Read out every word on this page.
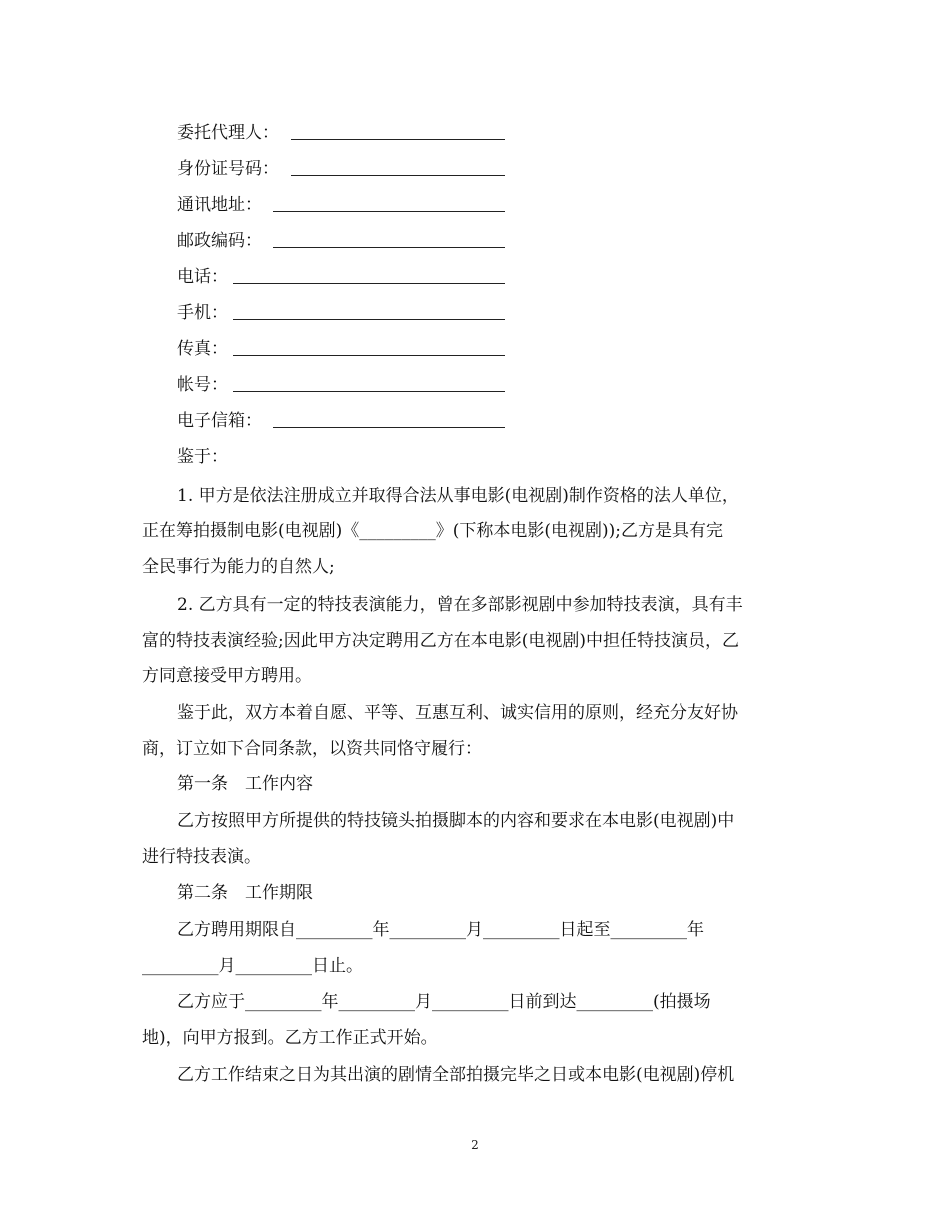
委托代理人：
身份证号码：
通讯地址：
邮政编码：
电话：
手机：
传真：
帐号：
电子信箱：
鉴于：
1. 甲方是依法注册成立并取得合法从事电影(电视剧)制作资格的法人单位，
正在筹拍摄制电影(电视剧)《_________》(下称本电影(电视剧));乙方是具有完
全民事行为能力的自然人;
2. 乙方具有一定的特技表演能力，曾在多部影视剧中参加特技表演，具有丰
富的特技表演经验;因此甲方决定聘用乙方在本电影(电视剧)中担任特技演员，乙
方同意接受甲方聘用。
鉴于此，双方本着自愿、平等、互惠互利、诚实信用的原则，经充分友好协
商，订立如下合同条款，以资共同恪守履行：
第一条　工作内容
乙方按照甲方所提供的特技镜头拍摄脚本的内容和要求在本电影(电视剧)中
进行特技表演。
第二条　工作期限
乙方聘用期限自_________年_________月_________日起至_________年
_________月_________日止。
乙方应于_________年_________月_________日前到达_________(拍摄场
地)，向甲方报到。乙方工作正式开始。
乙方工作结束之日为其出演的剧情全部拍摄完毕之日或本电影(电视剧)停机
2
